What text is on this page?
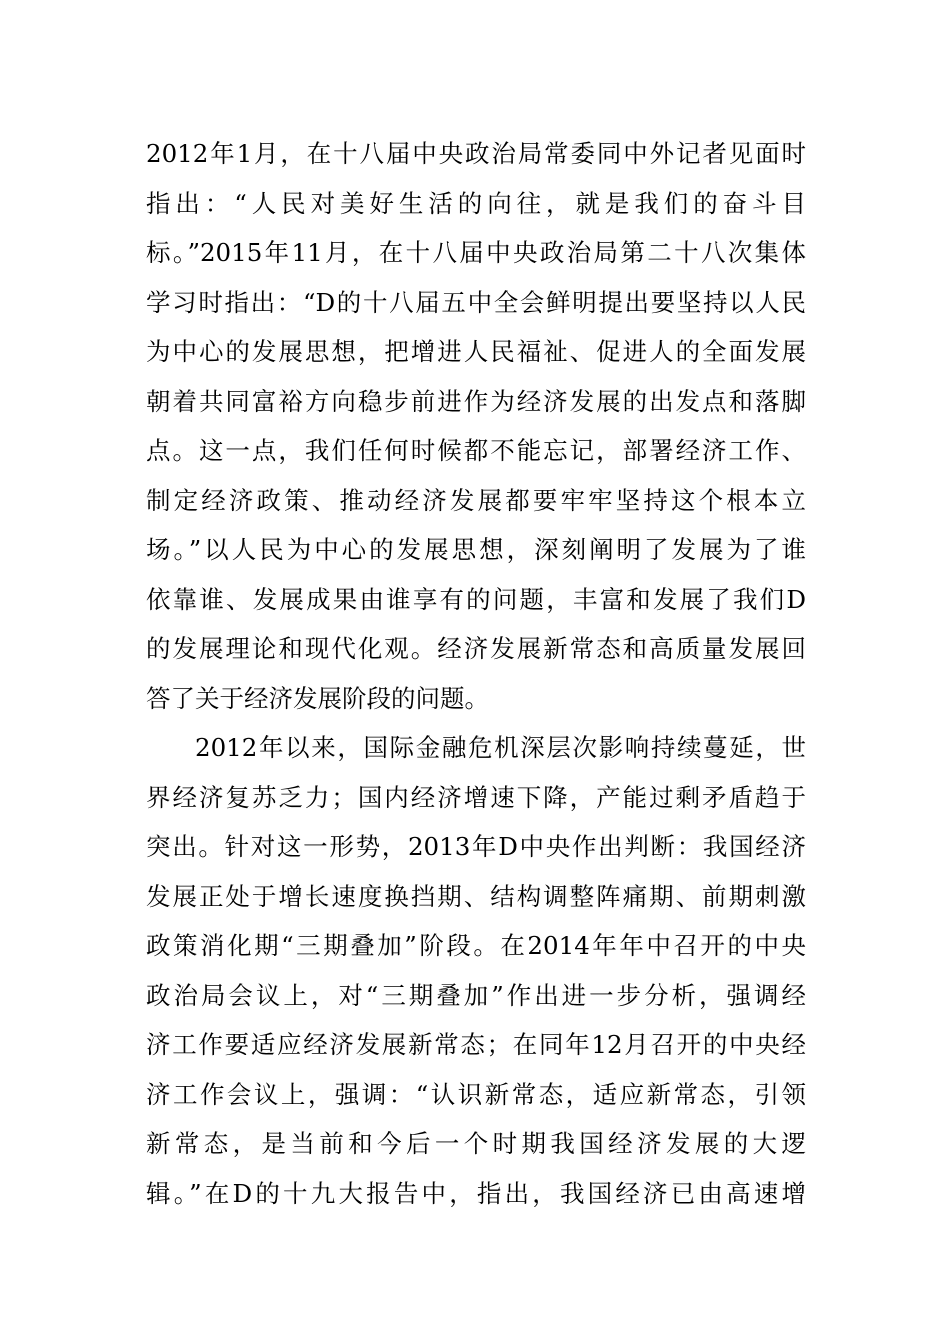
2012年1月，在十八届中央政治局常委同中外记者见面时
指出：“人民对美好生活的向往，就是我们的奋斗目
标。”2015年11月，在十八届中央政治局第二十八次集体
学习时指出：“D的十八届五中全会鲜明提出要坚持以人民
为中心的发展思想，把增进人民福祉、促进人的全面发展
朝着共同富裕方向稳步前进作为经济发展的出发点和落脚
点。这一点，我们任何时候都不能忘记，部署经济工作、
制定经济政策、推动经济发展都要牢牢坚持这个根本立
场。”以人民为中心的发展思想，深刻阐明了发展为了谁
依靠谁、发展成果由谁享有的问题，丰富和发展了我们D
的发展理论和现代化观。经济发展新常态和高质量发展回
答了关于经济发展阶段的问题。
2012年以来，国际金融危机深层次影响持续蔓延，世
界经济复苏乏力；国内经济增速下降，产能过剩矛盾趋于
突出。针对这一形势，2013年D中央作出判断：我国经济
发展正处于增长速度换挡期、结构调整阵痛期、前期刺激
政策消化期“三期叠加”阶段。在2014年年中召开的中央
政治局会议上，对“三期叠加”作出进一步分析，强调经
济工作要适应经济发展新常态；在同年12月召开的中央经
济工作会议上，强调：“认识新常态，适应新常态，引领
新常态，是当前和今后一个时期我国经济发展的大逻
辑。”在D的十九大报告中，指出，我国经济已由高速增
